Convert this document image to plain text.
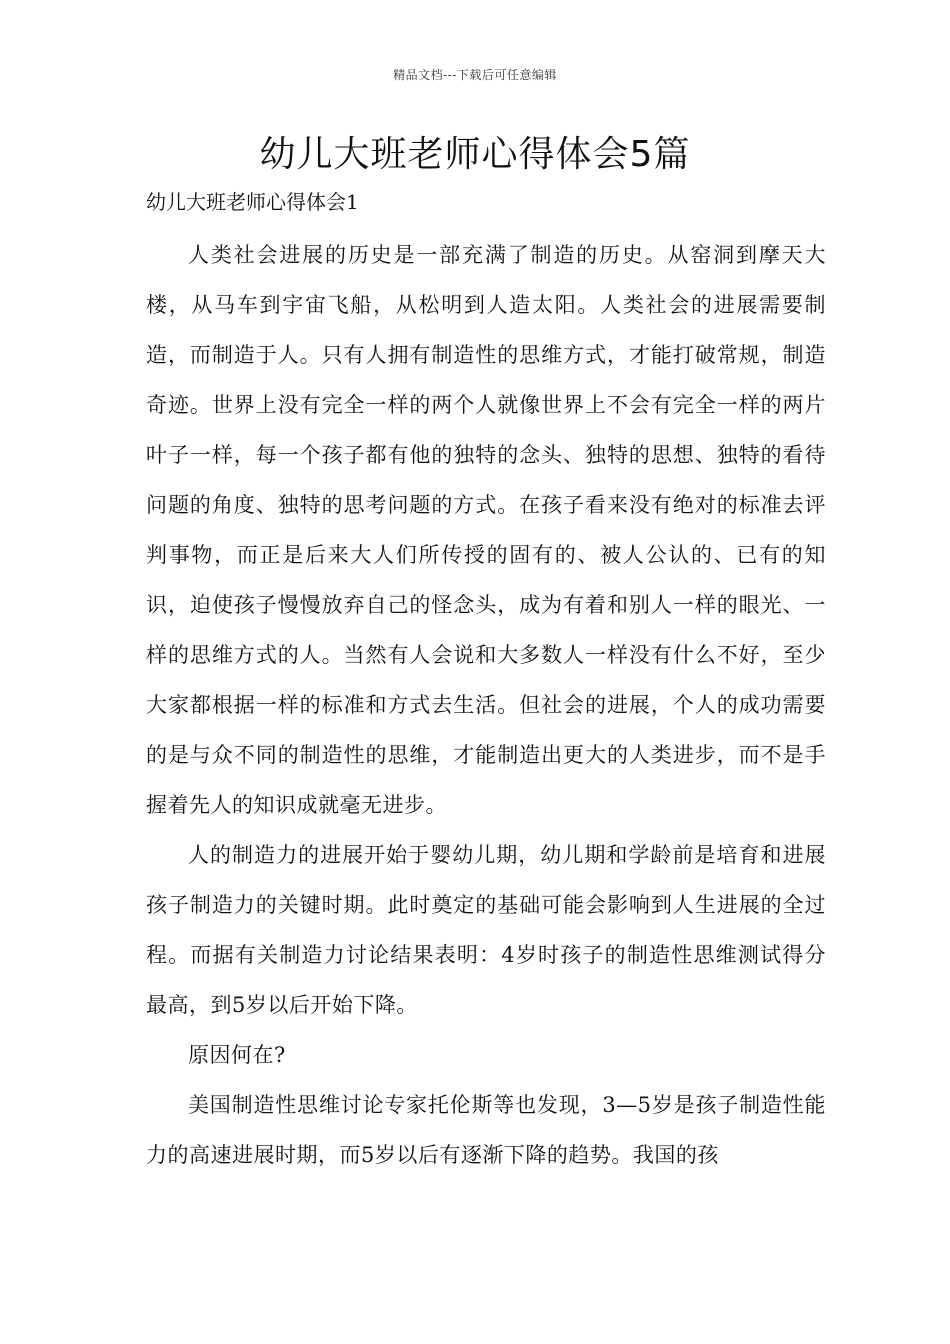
精品文档---下载后可任意编辑
幼儿大班老师心得体会5篇
幼儿大班老师心得体会1

人类社会进展的历史是一部充满了制造的历史。从窑洞到摩天大楼，从马车到宇宙飞船，从松明到人造太阳。人类社会的进展需要制造，而制造于人。只有人拥有制造性的思维方式，才能打破常规，制造奇迹。世界上没有完全一样的两个人就像世界上不会有完全一样的两片叶子一样，每一个孩子都有他的独特的念头、独特的思想、独特的看待问题的角度、独特的思考问题的方式。在孩子看来没有绝对的标准去评判事物，而正是后来大人们所传授的固有的、被人公认的、已有的知识，迫使孩子慢慢放弃自己的怪念头，成为有着和别人一样的眼光、一样的思维方式的人。当然有人会说和大多数人一样没有什么不好，至少大家都根据一样的标准和方式去生活。但社会的进展，个人的成功需要的是与众不同的制造性的思维，才能制造出更大的人类进步，而不是手握着先人的知识成就毫无进步。

人的制造力的进展开始于婴幼儿期，幼儿期和学龄前是培育和进展孩子制造力的关键时期。此时奠定的基础可能会影响到人生进展的全过程。而据有关制造力讨论结果表明：4岁时孩子的制造性思维测试得分最高，到5岁以后开始下降。

原因何在?

美国制造性思维讨论专家托伦斯等也发现，3—5岁是孩子制造性能力的高速进展时期，而5岁以后有逐渐下降的趋势。我国的孩
